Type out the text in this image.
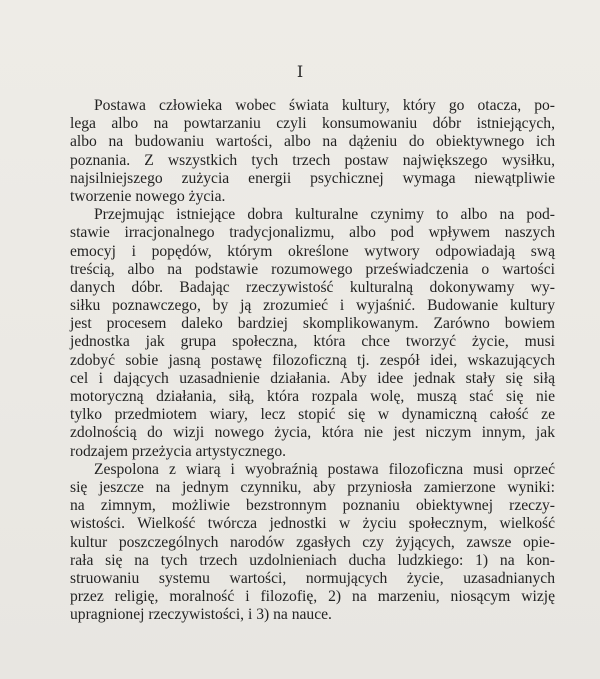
I

Postawa człowieka wobec świata kultury, który go otacza, po-
lega albo na powtarzaniu czyli konsumowaniu dóbr istniejących,
albo na budowaniu wartości, albo na dążeniu do obiektywnego ich
poznania. Z wszystkich tych trzech postaw największego wysiłku,
najsilniejszego zużycia energii psychicznej wymaga niewątpliwie
tworzenie nowego życia.

Przejmując istniejące dobra kulturalne czynimy to albo na pod-
stawie irracjonalnego tradycjonalizmu, albo pod wpływem naszych
emocyj i popędów, którym określone wytwory odpowiadają swą
treścią, albo na podstawie rozumowego przeświadczenia o wartości
danych dóbr. Badając rzeczywistość kulturalną dokonywamy wy-
siłku poznawczego, by ją zrozumieć i wyjaśnić. Budowanie kultury
jest procesem daleko bardziej skomplikowanym. Zarówno bowiem
jednostka jak grupa społeczna, która chce tworzyć życie, musi
zdobyć sobie jasną postawę filozoficzną tj. zespół idei, wskazujących
cel i dających uzasadnienie działania. Aby idee jednak stały się siłą
motoryczną działania, siłą, która rozpala wolę, muszą stać się nie
tylko przedmiotem wiary, lecz stopić się w dynamiczną całość ze
zdolnością do wizji nowego życia, która nie jest niczym innym, jak
rodzajem przeżycia artystycznego.

Zespolona z wiarą i wyobraźnią postawa filozoficzna musi oprzeć
się jeszcze na jednym czynniku, aby przyniosła zamierzone wyniki:
na zimnym, możliwie bezstronnym poznaniu obiektywnej rzeczy-
wistości. Wielkość twórcza jednostki w życiu społecznym, wielkość
kultur poszczególnych narodów zgasłych czy żyjących, zawsze opie-
rała się na tych trzech uzdolnieniach ducha ludzkiego: 1) na kon-
struowaniu systemu wartości, normujących życie, uzasadnianych
przez religię, moralność i filozofię, 2) na marzeniu, niosącym wizję
upragnionej rzeczywistości, i 3) na nauce.
